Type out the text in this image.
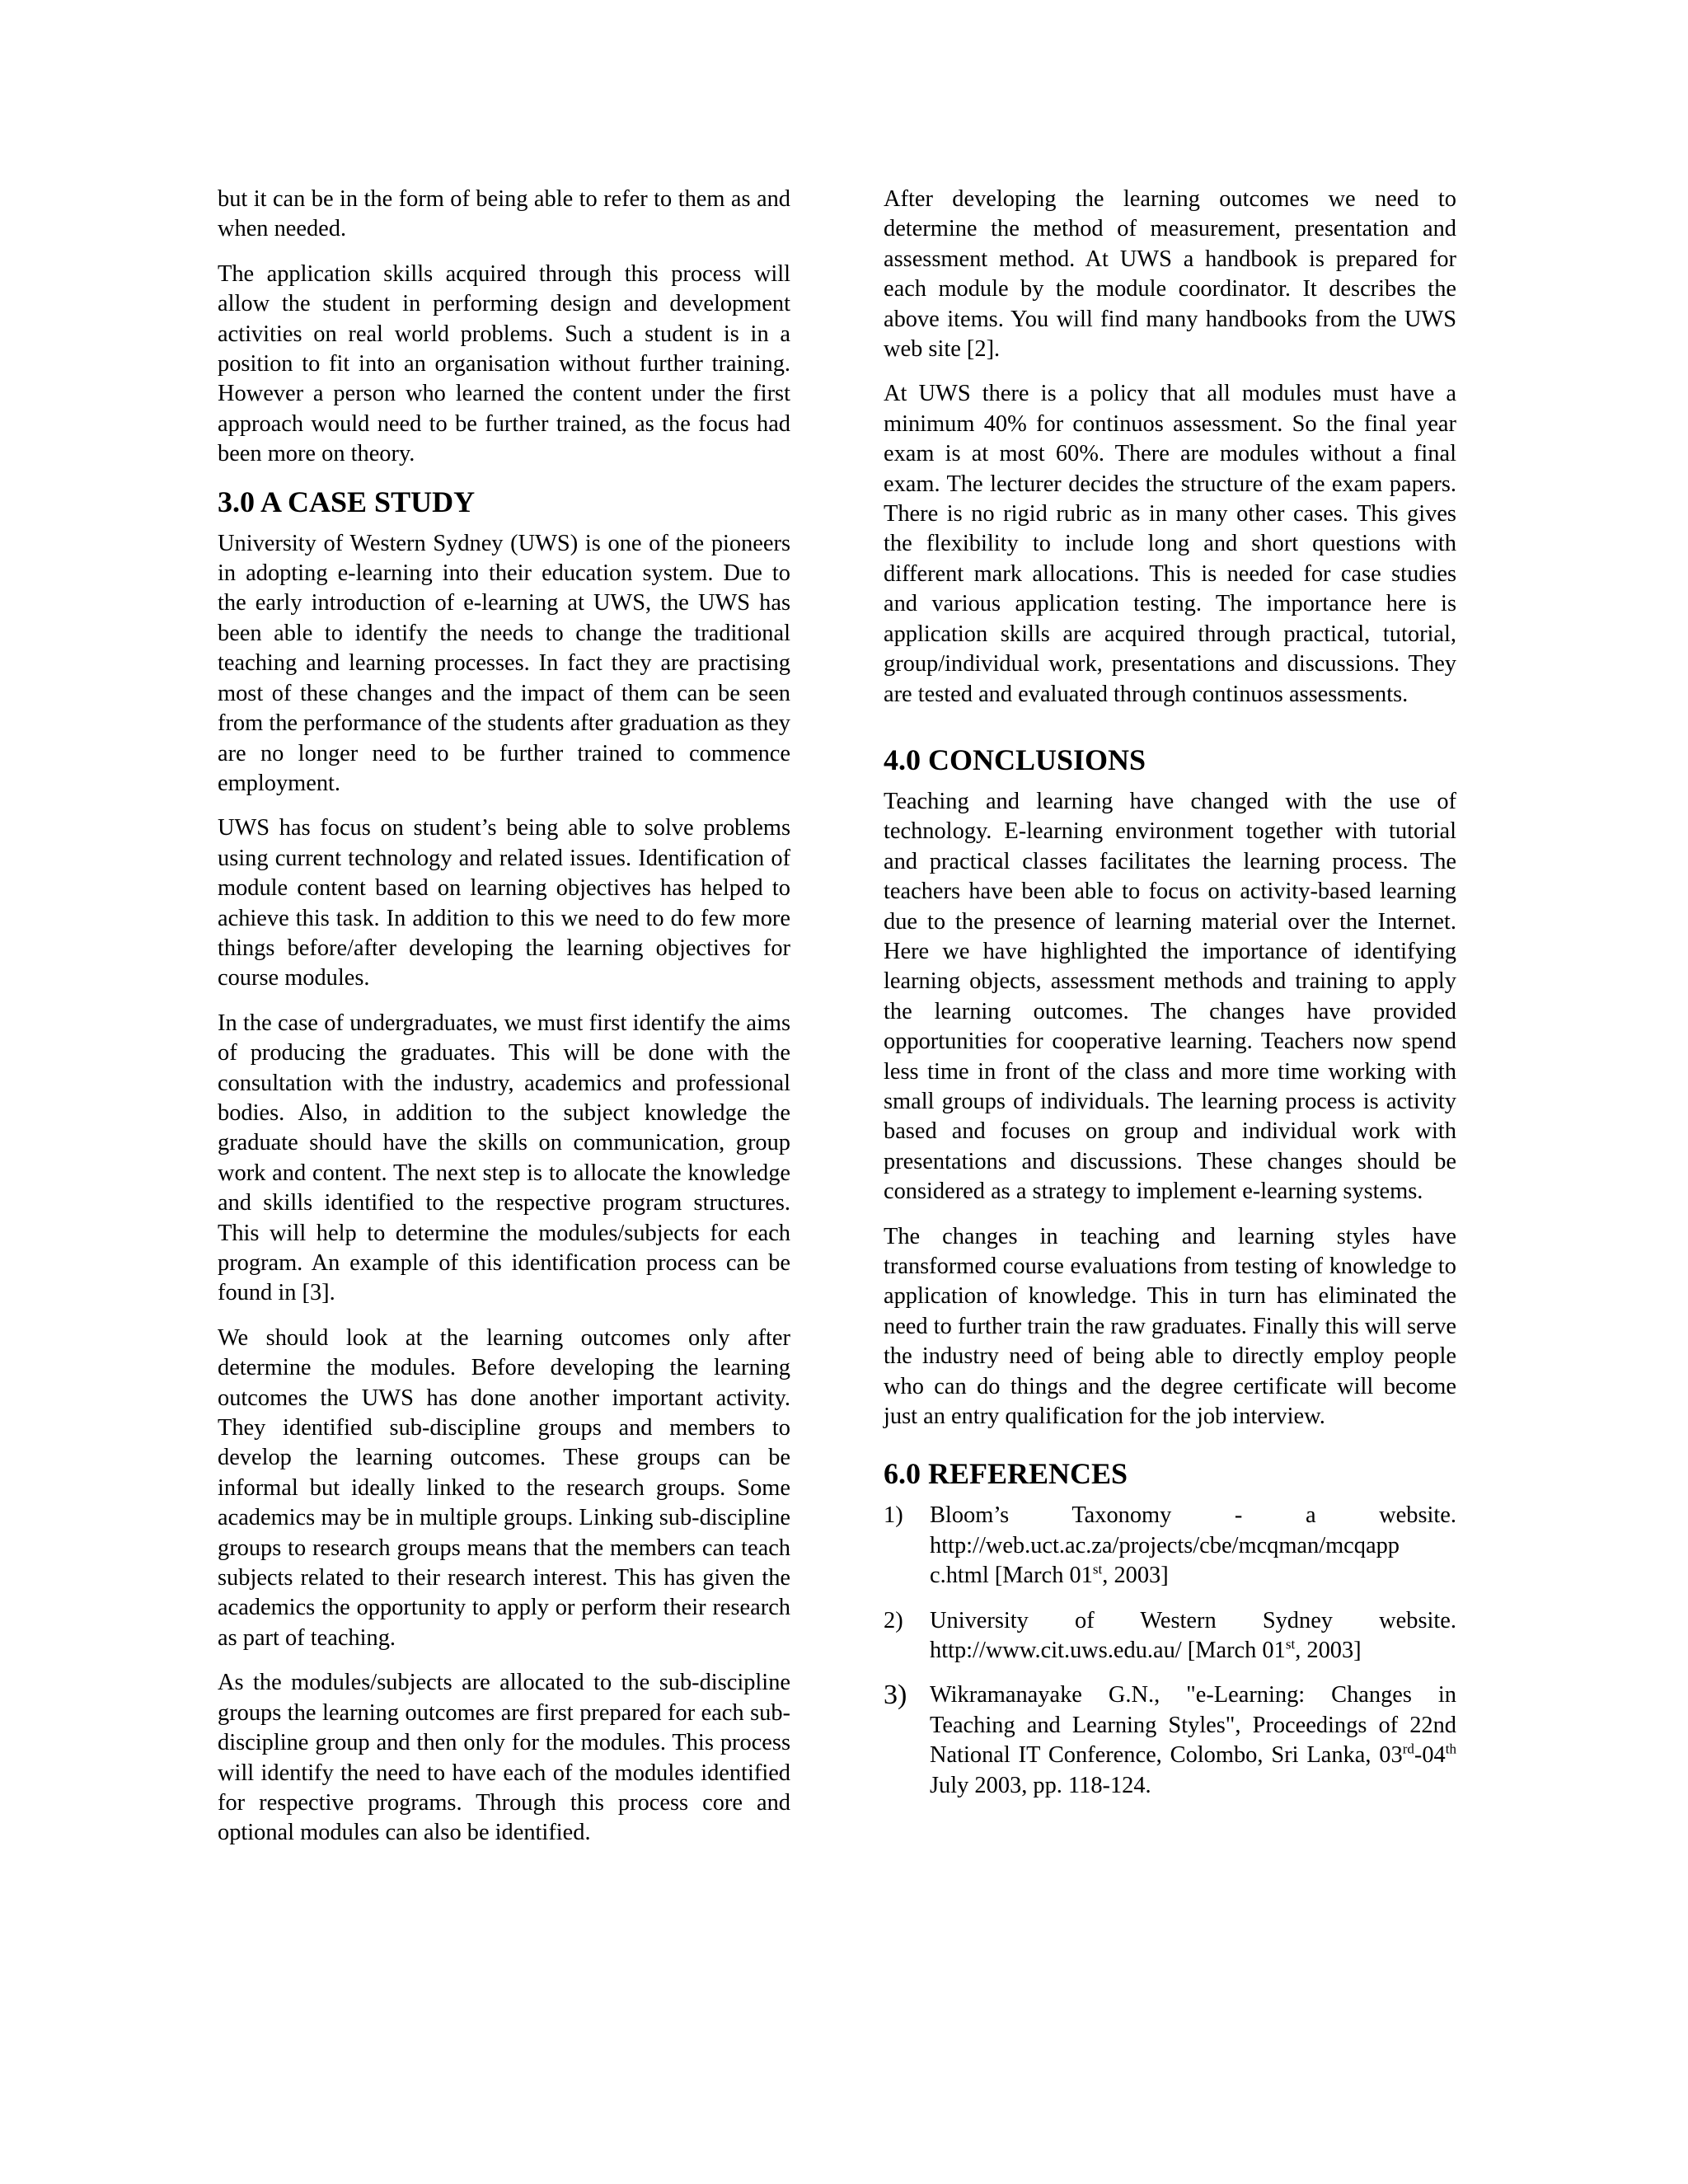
but it can be in the form of being able to refer to them as and when needed.

The application skills acquired through this process will allow the student in performing design and development activities on real world problems. Such a student is in a position to fit into an organisation without further training. However a person who learned the content under the first approach would need to be further trained, as the focus had been more on theory.

3.0 A CASE STUDY

University of Western Sydney (UWS) is one of the pioneers in adopting e-learning into their education system. Due to the early introduction of e-learning at UWS, the UWS has been able to identify the needs to change the traditional teaching and learning processes. In fact they are practising most of these changes and the impact of them can be seen from the performance of the students after graduation as they are no longer need to be further trained to commence employment.

UWS has focus on student’s being able to solve problems using current technology and related issues. Identification of module content based on learning objectives has helped to achieve this task. In addition to this we need to do few more things before/after developing the learning objectives for course modules.

In the case of undergraduates, we must first identify the aims of producing the graduates. This will be done with the consultation with the industry, academics and professional bodies. Also, in addition to the subject knowledge the graduate should have the skills on communication, group work and content. The next step is to allocate the knowledge and skills identified to the respective program structures. This will help to determine the modules/subjects for each program. An example of this identification process can be found in [3].

We should look at the learning outcomes only after determine the modules. Before developing the learning outcomes the UWS has done another important activity. They identified sub-discipline groups and members to develop the learning outcomes. These groups can be informal but ideally linked to the research groups. Some academics may be in multiple groups. Linking sub-discipline groups to research groups means that the members can teach subjects related to their research interest. This has given the academics the opportunity to apply or perform their research as part of teaching.

As the modules/subjects are allocated to the sub-discipline groups the learning outcomes are first prepared for each sub-discipline group and then only for the modules. This process will identify the need to have each of the modules identified for respective programs. Through this process core and optional modules can also be identified.

After developing the learning outcomes we need to determine the method of measurement, presentation and assessment method. At UWS a handbook is prepared for each module by the module coordinator. It describes the above items. You will find many handbooks from the UWS web site [2].

At UWS there is a policy that all modules must have a minimum 40% for continuos assessment. So the final year exam is at most 60%. There are modules without a final exam. The lecturer decides the structure of the exam papers. There is no rigid rubric as in many other cases. This gives the flexibility to include long and short questions with different mark allocations. This is needed for case studies and various application testing. The importance here is application skills are acquired through practical, tutorial, group/individual work, presentations and discussions. They are tested and evaluated through continuos assessments.

4.0 CONCLUSIONS

Teaching and learning have changed with the use of technology. E-learning environment together with tutorial and practical classes facilitates the learning process. The teachers have been able to focus on activity-based learning due to the presence of learning material over the Internet. Here we have highlighted the importance of identifying learning objects, assessment methods and training to apply the learning outcomes. The changes have provided opportunities for cooperative learning. Teachers now spend less time in front of the class and more time working with small groups of individuals. The learning process is activity based and focuses on group and individual work with presentations and discussions. These changes should be considered as a strategy to implement e-learning systems.

The changes in teaching and learning styles have transformed course evaluations from testing of knowledge to application of knowledge. This in turn has eliminated the need to further train the raw graduates. Finally this will serve the industry need of being able to directly employ people who can do things and the degree certificate will become just an entry qualification for the job interview.

6.0 REFERENCES
1)	Bloom’s Taxonomy - a website. http://web.uct.ac.za/projects/cbe/mcqman/mcqapp c.html [March 01st, 2003]
2)	University of Western Sydney website. http://www.cit.uws.edu.au/ [March 01st, 2003]
3) Wikramanayake G.N., "e-Learning: Changes in Teaching and Learning Styles", Proceedings of 22nd National IT Conference, Colombo, Sri Lanka, 03rd-04th July 2003, pp. 118-124.
